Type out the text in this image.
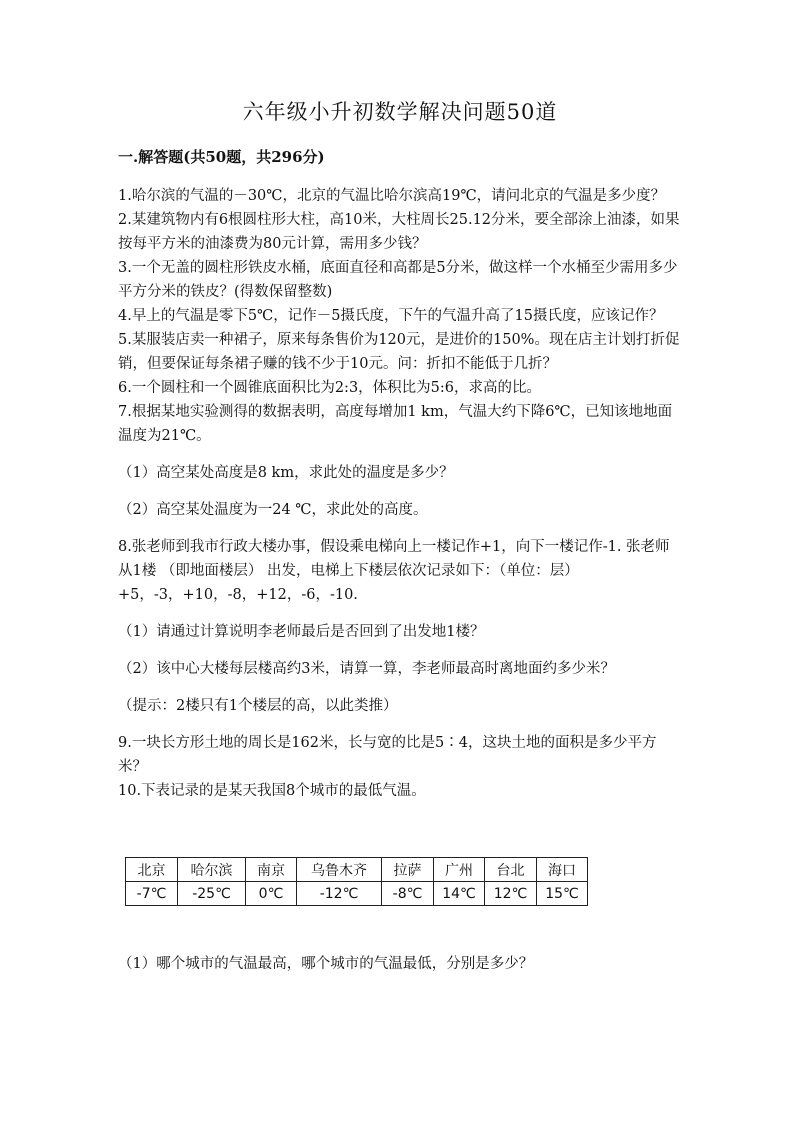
六年级小升初数学解决问题50道
一.解答题(共50题，共296分)

1.哈尔滨的气温的－30℃，北京的气温比哈尔滨高19℃，请问北京的气温是多少度？

2.某建筑物内有6根圆柱形大柱，高10米，大柱周长25.12分米，要全部涂上油漆，如果按每平方米的油漆费为80元计算，需用多少钱？

3.一个无盖的圆柱形铁皮水桶，底面直径和高都是5分米，做这样一个水桶至少需用多少平方分米的铁皮？(得数保留整数)

4.早上的气温是零下5℃，记作－5摄氏度，下午的气温升高了15摄氏度，应该记作？

5.某服装店卖一种裙子，原来每条售价为120元，是进价的150%。现在店主计划打折促销，但要保证每条裙子赚的钱不少于10元。问：折扣不能低于几折？

6.一个圆柱和一个圆锥底面积比为2:3，体积比为5:6，求高的比。

7.根据某地实验测得的数据表明，高度每增加1 km，气温大约下降6℃，已知该地地面温度为21℃。

（1）高空某处高度是8 km，求此处的温度是多少？

（2）高空某处温度为一24 ℃，求此处的高度。

8.张老师到我市行政大楼办事，假设乘电梯向上一楼记作+1，向下一楼记作-1. 张老师从1楼 （即地面楼层） 出发，电梯上下楼层依次记录如下：（单位：层）+5，-3，+10，-8，+12，-6，-10.

（1）请通过计算说明李老师最后是否回到了出发地1楼？

（2）该中心大楼每层楼高约3米，请算一算，李老师最高时离地面约多少米？

（提示：2楼只有1个楼层的高，以此类推）

9.一块长方形土地的周长是162米，长与宽的比是5∶4，这块土地的面积是多少平方米？

10.下表记录的是某天我国8个城市的最低气温。

北京	哈尔滨	南京	乌鲁木齐	拉萨	广州	台北	海口
-7℃	-25℃	0℃	-12℃	-8℃	14℃	12℃	15℃
（1）哪个城市的气温最高，哪个城市的气温最低，分别是多少？
